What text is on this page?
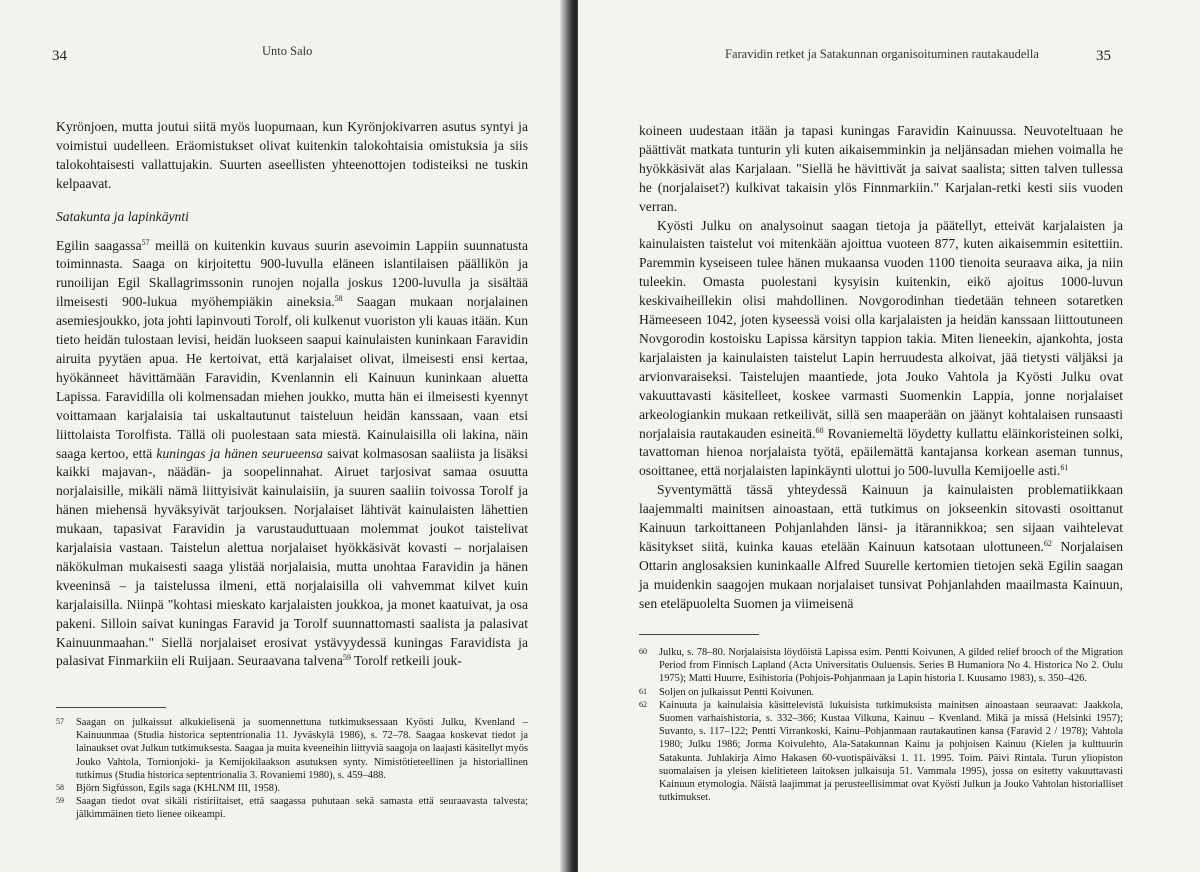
34	Unto Salo

Kyrönjoen, mutta joutui siitä myös luopumaan, kun Kyrönjokivarren asutus syntyi ja voimistui uudelleen. Eräomistukset olivat kuitenkin talokohtaisia omistuksia ja siis talokohtaisesti vallattujakin. Suurten aseellisten yhteenottojen todisteiksi ne tuskin kelpaavat.

Satakunta ja lapinkäynti

Egilin saagassa$^{57}$ meillä on kuitenkin kuvaus suurin asevoimin Lappiin suunnatusta toiminnasta. Saaga on kirjoitettu 900-luvulla eläneen islantilaisen päällikön ja runoilijan Egil Skallagrimssonin runojen nojalla joskus 1200-luvulla ja sisältää ilmeisesti 900-lukua myöhempiäkin aineksia.$^{58}$ Saagan mukaan norjalainen asemiesjoukko, jota johti lapinvouti Torolf, oli kulkenut vuoriston yli kauas itään. Kun tieto heidän tulostaan levisi, heidän luokseen saapui kainulaisten kuninkaan Faravidin airuita pyytäen apua. He kertoivat, että karjalaiset olivat, ilmeisesti ensi kertaa, hyökänneet hävittämään Faravidin, Kvenlannin eli Kainuun kuninkaan aluetta Lapissa. Faravidilla oli kolmensadan miehen joukko, mutta hän ei ilmeisesti kyennyt voittamaan karjalaisia tai uskaltautunut taisteluun heidän kanssaan, vaan etsi liittolaista Torolfista. Tällä oli puolestaan sata miestä. Kainulaisilla oli lakina, näin saaga kertoo, että kuningas ja hänen seurueensa saivat kolmasosan saaliista ja lisäksi kaikki majavan-, näädän- ja soopelinnahat. Airuet tarjosivat samaa osuutta norjalaisille, mikäli nämä liittyisivät kainulaisiin, ja suuren saaliin toivossa Torolf ja hänen miehensä hyväksyivät tarjouksen. Norjalaiset lähtivät kainulaisten lähettien mukaan, tapasivat Faravidin ja varustauduttuaan molemmat joukot taistelivat karjalaisia vastaan. Taistelun alettua norjalaiset hyökkäsivät kovasti – norjalaisen näkökulman mukaisesti saaga ylistää norjalaisia, mutta unohtaa Faravidin ja hänen kveeninsä – ja taistelussa ilmeni, että norjalaisilla oli vahvemmat kilvet kuin karjalaisilla. Niinpä "kohtasi mieskato karjalaisten joukkoa, ja monet kaatuivat, ja osa pakeni. Silloin saivat kuningas Faravid ja Torolf suunnattomasti saalista ja palasivat Kainuunmaahan." Siellä norjalaiset erosivat ystävyydessä kuningas Faravidista ja palasivat Finmarkiin eli Ruijaan. Seuraavana talvena$^{59}$ Torolf retkeili jouk-

57	Saagan on julkaissut alkukielisenä ja suomennettuna tutkimuksessaan Kyösti Julku, Kvenland – Kainuunmaa (Studia historica septentrionalia 11. Jyväskylä 1986), s. 72–78. Saagaa koskevat tiedot ja lainaukset ovat Julkun tutkimuksesta. Saagaa ja muita kveeneihin liittyviä saagoja on laajasti käsitellyt myös Jouko Vahtola, Tornionjoki- ja Kemijokilaakson asutuksen synty. Nimistötieteellinen ja historiallinen tutkimus (Studia historica septentrionalia 3. Rovaniemi 1980), s. 459–488.
58	Björn Sigfússon, Egils saga (KHLNM III, 1958).
59	Saagan tiedot ovat sikäli ristiriitaiset, että saagassa puhutaan sekä samasta että seuraavasta talvesta; jälkimmäinen tieto lienee oikeampi.
Faravidin retket ja Satakunnan organisoituminen rautakaudella	35

koineen uudestaan itään ja tapasi kuningas Faravidin Kainuussa. Neuvoteltuaan he päättivät matkata tunturin yli kuten aikaisemminkin ja neljänsadan miehen voimalla he hyökkäsivät alas Karjalaan. "Siellä he hävittivät ja saivat saalista; sitten talven tullessa he (norjalaiset?) kulkivat takaisin ylös Finnmarkiin." Karjalan-retki kesti siis vuoden verran.

Kyösti Julku on analysoinut saagan tietoja ja päätellyt, etteivät karjalaisten ja kainulaisten taistelut voi mitenkään ajoittua vuoteen 877, kuten aikaisemmin esitettiin. Paremmin kyseiseen tulee hänen mukaansa vuoden 1100 tienoita seuraava aika, ja niin tuleekin. Omasta puolestani kysyisin kuitenkin, eikö ajoitus 1000-luvun keskivaiheillekin olisi mahdollinen. Novgorodinhan tiedetään tehneen sotaretken Hämeeseen 1042, joten kyseessä voisi olla karjalaisten ja heidän kanssaan liittoutuneen Novgorodin kostoisku Lapissa kärsityn tappion takia. Miten lieneekin, ajankohta, josta karjalaisten ja kainulaisten taistelut Lapin herruudesta alkoivat, jää tietysti väljäksi ja arvionvaraiseksi. Taistelujen maantiede, jota Jouko Vahtola ja Kyösti Julku ovat vakuuttavasti käsitelleet, koskee varmasti Suomenkin Lappia, jonne norjalaiset arkeologiankin mukaan retkeilivät, sillä sen maaperään on jäänyt kohtalaisen runsaasti norjalaisia rautakauden esineitä.$^{60}$ Rovaniemeltä löydetty kullattu eläinkoristeinen solki, tavattoman hienoa norjalaista työtä, epäilemättä kantajansa korkean aseman tunnus, osoittanee, että norjalaisten lapinkäynti ulottui jo 500-luvulla Kemijoelle asti.$^{61}$

Syventymättä tässä yhteydessä Kainuun ja kainulaisten problematiikkaan laajemmalti mainitsen ainoastaan, että tutkimus on jokseenkin sitovasti osoittanut Kainuun tarkoittaneen Pohjanlahden länsi- ja itärannikkoa; sen sijaan vaihtelevat käsitykset siitä, kuinka kauas etelään Kainuun katsotaan ulottuneen.$^{62}$ Norjalaisen Ottarin anglosaksien kuninkaalle Alfred Suurelle kertomien tietojen sekä Egilin saagan ja muidenkin saagojen mukaan norjalaiset tunsivat Pohjanlahden maailmasta Kainuun, sen eteläpuolelta Suomen ja viimeisenä

60	Julku, s. 78–80. Norjalaisista löydöistä Lapissa esim. Pentti Koivunen, A gilded relief brooch of the Migration Period from Finnisch Lapland (Acta Universitatis Ouluensis. Series B Humaniora No 4. Historica No 2. Oulu 1975); Matti Huurre, Esihistoria (Pohjois-Pohjanmaan ja Lapin historia I. Kuusamo 1983), s. 350–426.
61	Soljen on julkaissut Pentti Koivunen.
62	Kainuuta ja kainulaisia käsittelevistä lukuisista tutkimuksista mainitsen ainoastaan seuraavat: Jaakkola, Suomen varhaishistoria, s. 332–366; Kustaa Vilkuna, Kainuu – Kvenland. Mikä ja missä (Helsinki 1957); Suvanto, s. 117–122; Pentti Virrankoski, Kainu–Pohjanmaan rautakautinen kansa (Faravid 2 / 1978); Vahtola 1980; Julku 1986; Jorma Koivulehto, Ala-Satakunnan Kainu ja pohjoisen Kainuu (Kielen ja kulttuurin Satakunta. Juhlakirja Aimo Hakasen 60-vuotispäiväksi 1. 11. 1995. Toim. Päivi Rintala. Turun yliopiston suomalaisen ja yleisen kielitieteen laitoksen julkaisuja 51. Vammala 1995), jossa on esitetty vakuuttavasti Kainuun etymologia. Näistä laajimmat ja perusteellisimmat ovat Kyösti Julkun ja Jouko Vahtolan historialliset tutkimukset.
